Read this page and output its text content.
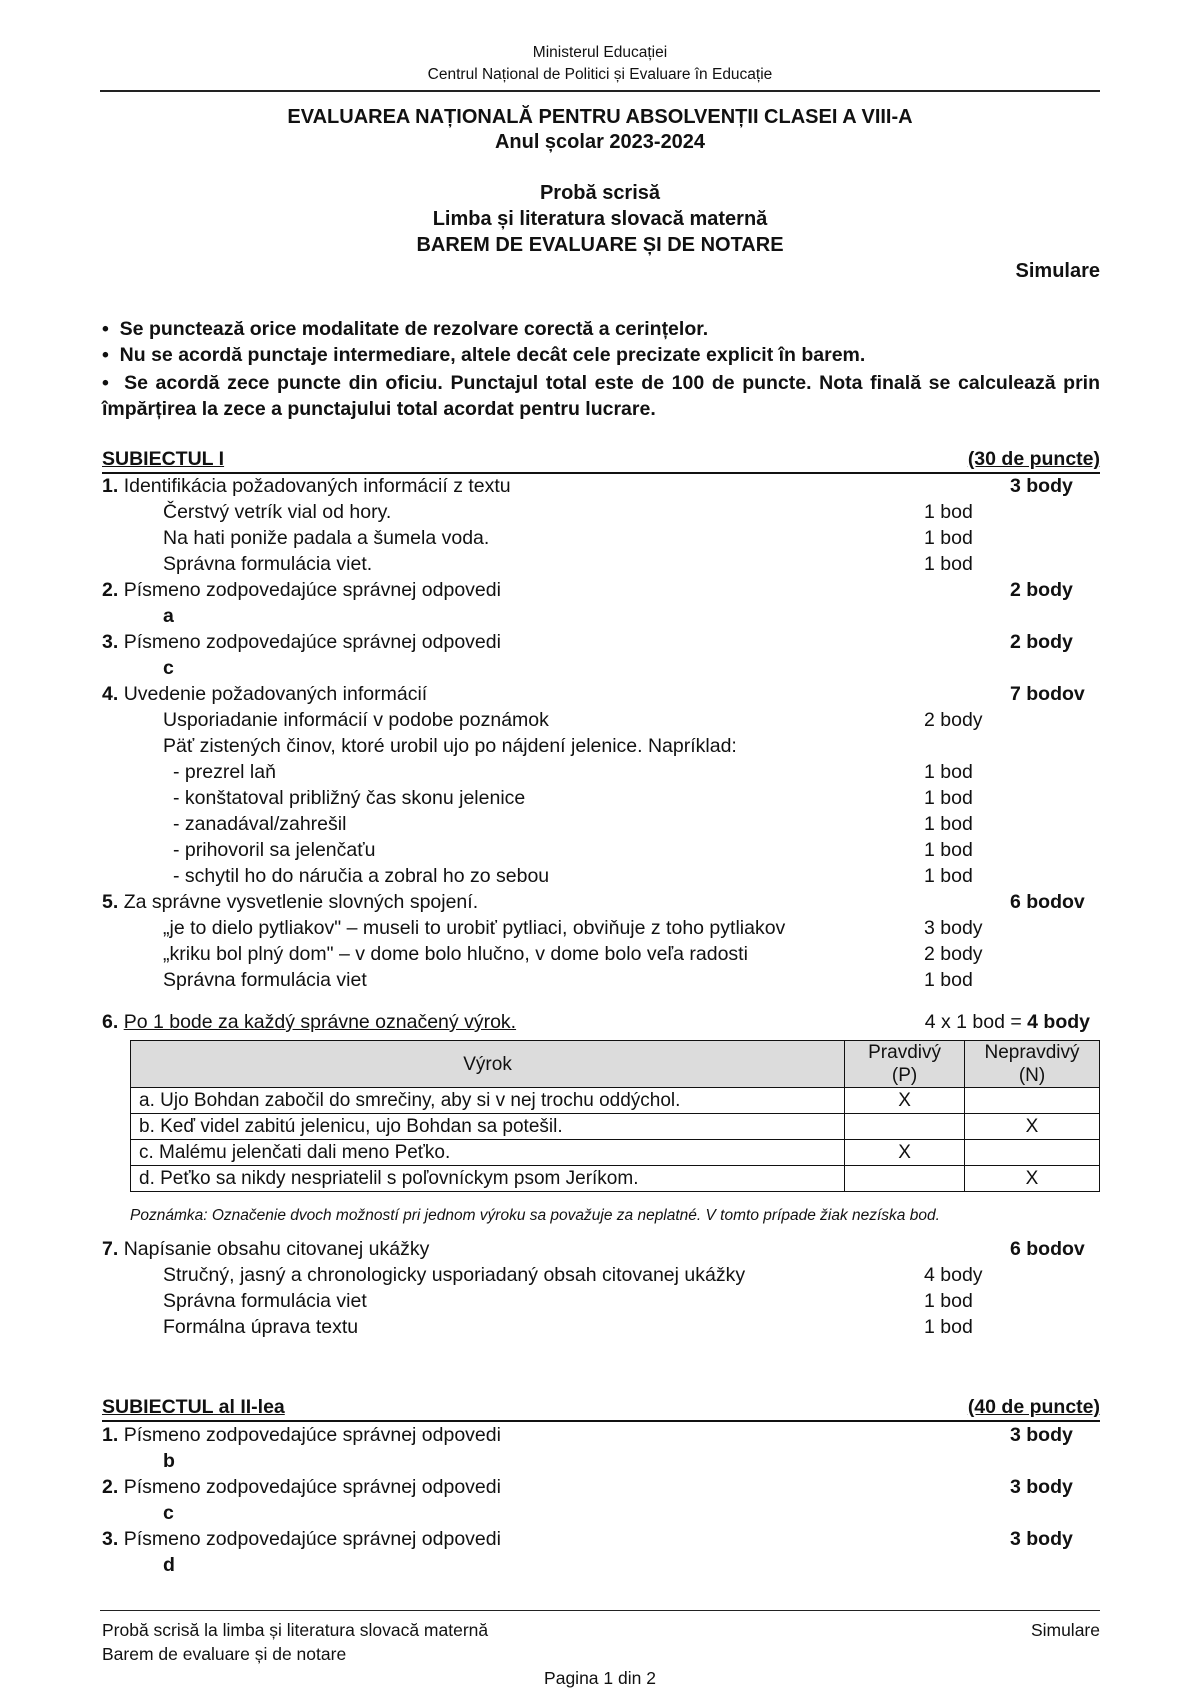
Ministerul Educației
Centrul Național de Politici și Evaluare în Educație
EVALUAREA NAȚIONALĂ PENTRU ABSOLVENȚII CLASEI A VIII-A
Anul școlar 2023-2024
Probă scrisă
Limba și literatura slovacă maternă
BAREM DE EVALUARE ȘI DE NOTARE
Simulare
•  Se punctează orice modalitate de rezolvare corectă a cerințelor.
•  Nu se acordă punctaje intermediare, altele decât cele precizate explicit în barem.
•  Se acordă zece puncte din oficiu. Punctajul total este de 100 de puncte. Nota finală se calculează prin împărțirea la zece a punctajului total acordat pentru lucrare.
SUBIECTUL I	(30 de puncte)
1. Identifikácia požadovaných informácií z textu	3 body
Čerstvý vetrík vial od hory.	1 bod
Na hati poniže padala a šumela voda.	1 bod
Správna formulácia viet.	1 bod
2. Písmeno zodpovedajúce správnej odpovedi	2 body
a
3. Písmeno zodpovedajúce správnej odpovedi	2 body
c
4. Uvedenie požadovaných informácií	7 bodov
Usporiadanie informácií v podobe poznámok	2 body
Päť zistených činov, ktoré urobil ujo po nájdení jelenice. Napríklad:
- prezrel laň	1 bod
- konštatoval približný čas skonu jelenice	1 bod
- zanadával/zahrešil	1 bod
- prihovoril sa jelenčaťu	1 bod
- schytil ho do náručia a zobral ho zo sebou	1 bod
5. Za správne vysvetlenie slovných spojení.	6 bodov
„je to dielo pytliakov" – museli to urobiť pytliaci, obviňuje z toho pytliakov	3 body
„kriku bol plný dom" – v dome bolo hlučno, v dome bolo veľa radosti	2 body
Správna formulácia viet	1 bod
6. Po 1 bode za každý správne označený výrok.	4 x 1 bod = 4 body
Výrok	Pravdivý (P)	Nepravdivý (N)
a. Ujo Bohdan zabočil do smrečiny, aby si v nej trochu oddýchol.	X	
b. Keď videl zabitú jelenicu, ujo Bohdan sa potešil.		X
c. Malému jelenčati dali meno Peťko.	X	
d. Peťko sa nikdy nespriatelil s poľovníckym psom Jeríkom.		X
Poznámka: Označenie dvoch možností pri jednom výroku sa považuje za neplatné. V tomto prípade žiak nezíska bod.
7. Napísanie obsahu citovanej ukážky	6 bodov
Stručný, jasný a chronologicky usporiadaný obsah citovanej ukážky	4 body
Správna formulácia viet	1 bod
Formálna úprava textu	1 bod
SUBIECTUL al II-lea	(40 de puncte)
1. Písmeno zodpovedajúce správnej odpovedi	3 body
b
2. Písmeno zodpovedajúce správnej odpovedi	3 body
c
3. Písmeno zodpovedajúce správnej odpovedi	3 body
d
Probă scrisă la limba și literatura slovacă maternă	Simulare
Barem de evaluare și de notare
Pagina 1 din 2
